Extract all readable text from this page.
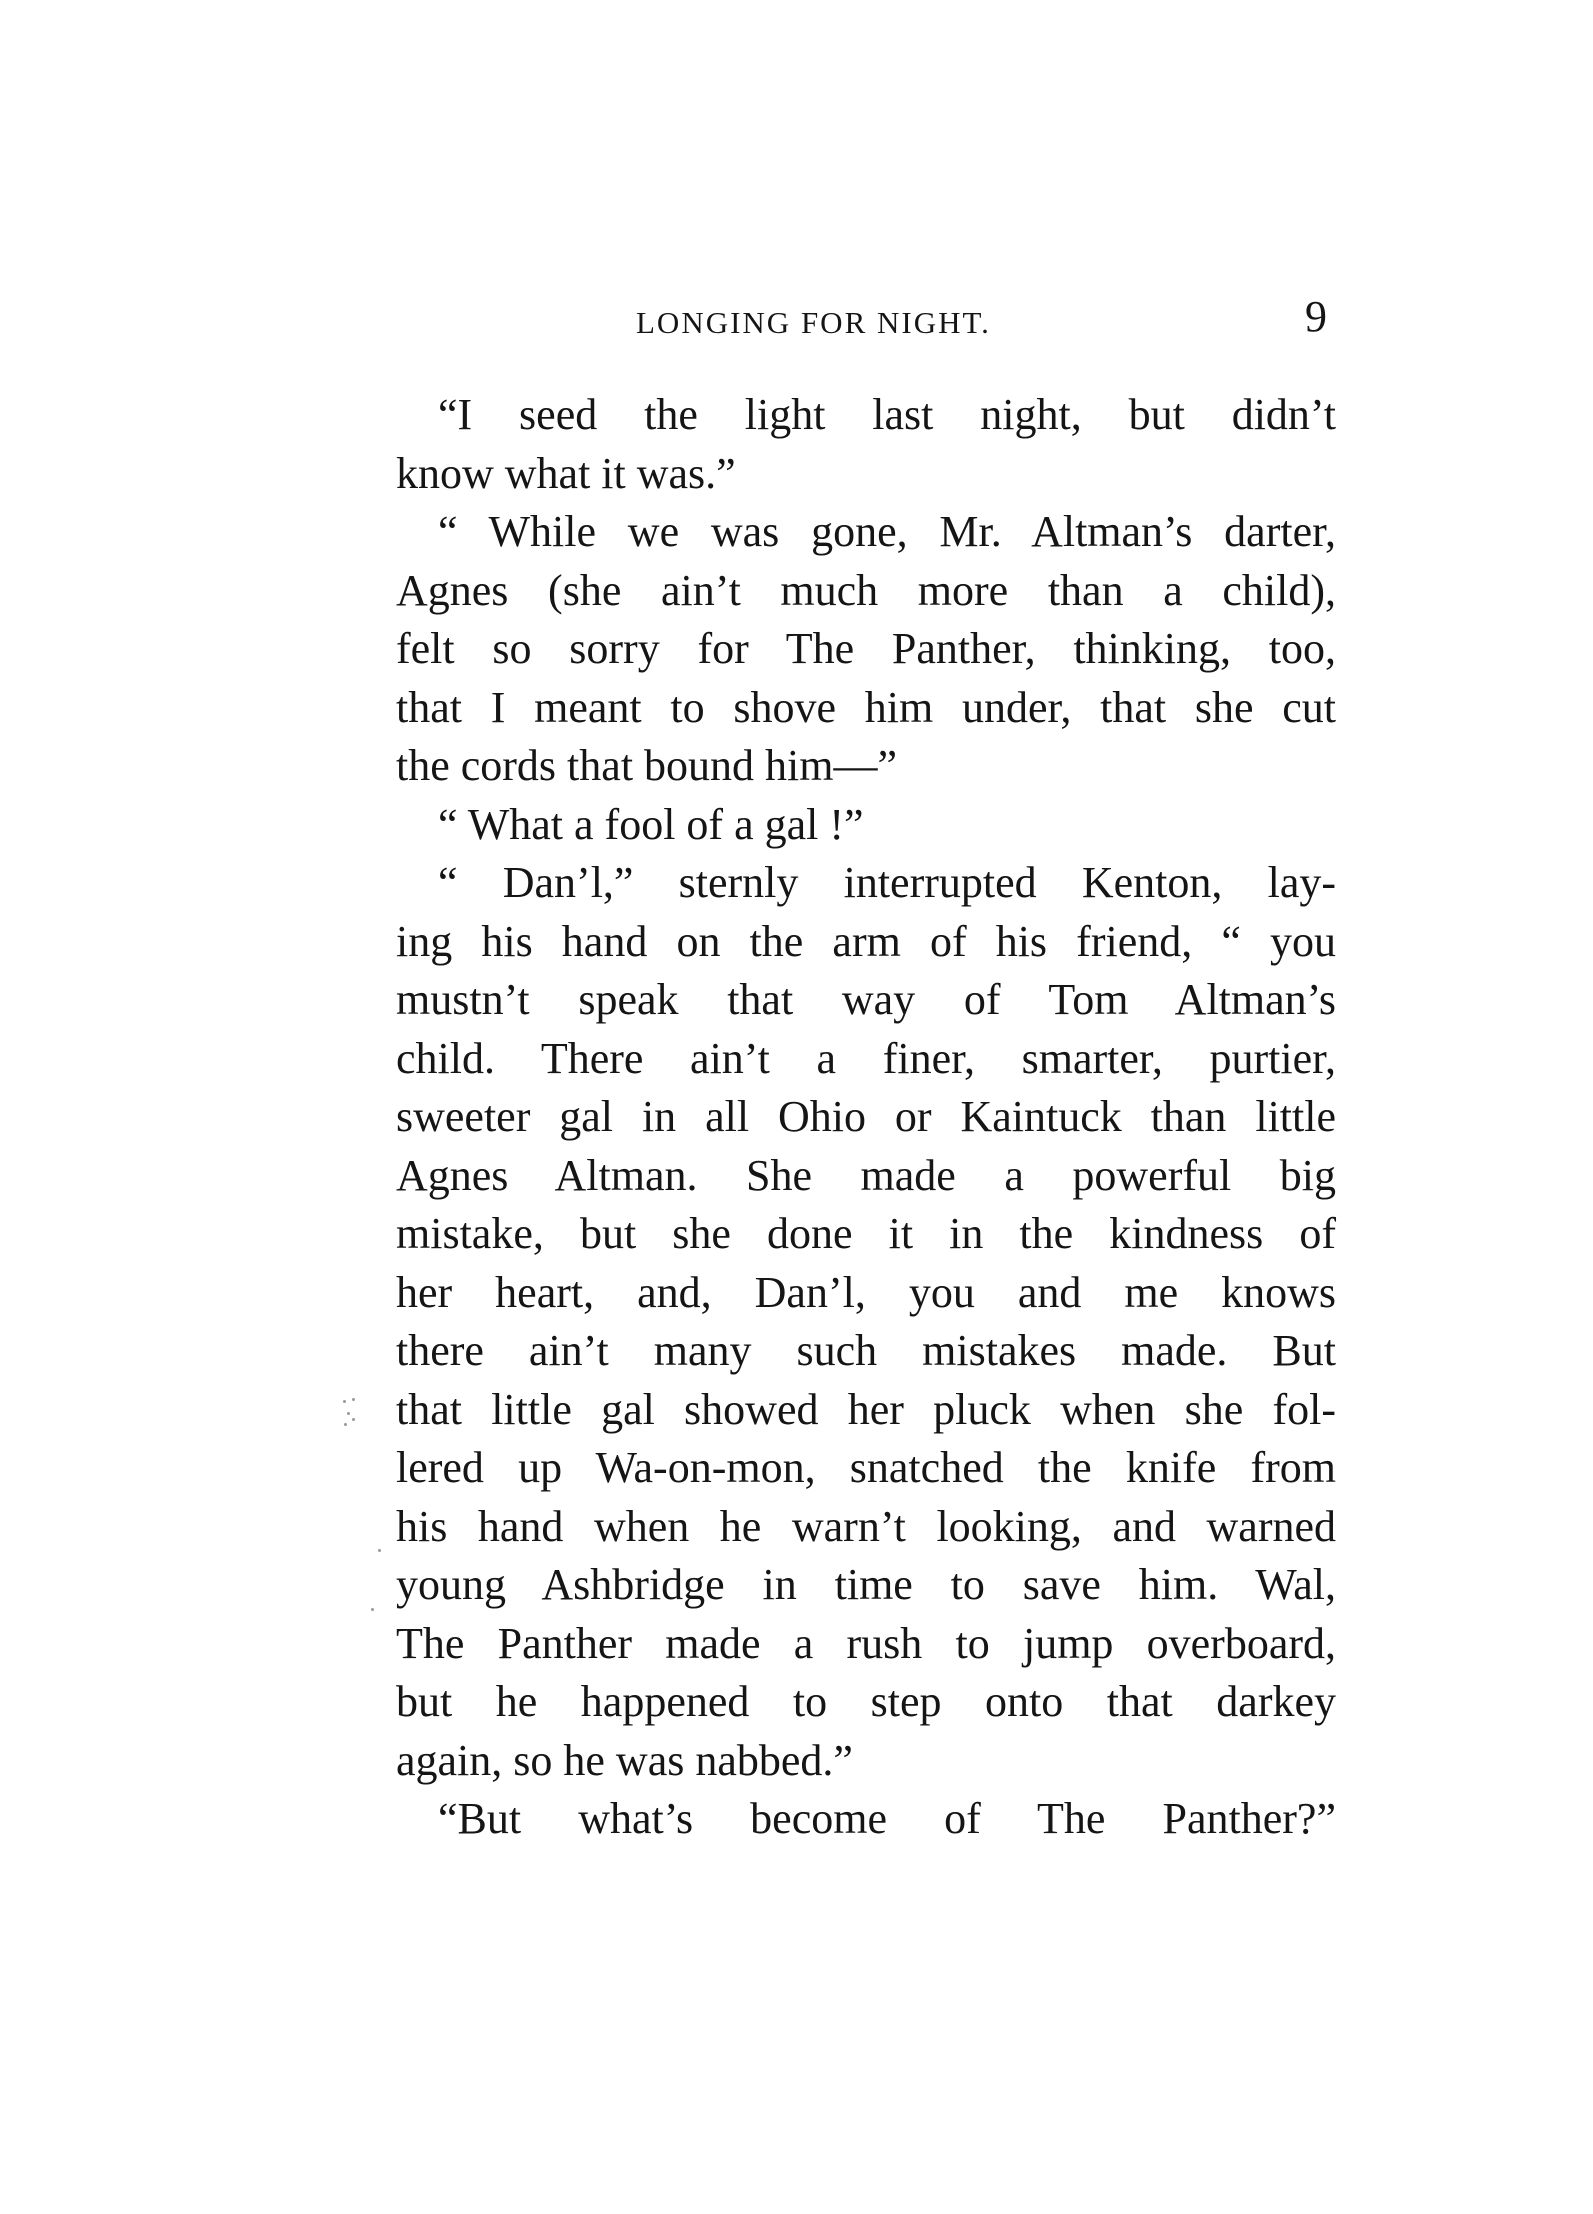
LONGING FOR NIGHT.	9
“I seed the light last night, but didn’t
know what it was.”
“ While we was gone, Mr. Altman’s darter,
Agnes (she ain’t much more than a child),
felt so sorry for The Panther, thinking, too,
that I meant to shove him under, that she cut
the cords that bound him—”
“ What a fool of a gal !”
“ Dan’l,” sternly interrupted Kenton, lay-
ing his hand on the arm of his friend, “ you
mustn’t speak that way of Tom Altman’s
child. There ain’t a finer, smarter, purtier,
sweeter gal in all Ohio or Kaintuck than little
Agnes Altman. She made a powerful big
mistake, but she done it in the kindness of
her heart, and, Dan’l, you and me knows
there ain’t many such mistakes made. But
that little gal showed her pluck when she fol-
lered up Wa-on-mon, snatched the knife from
his hand when he warn’t looking, and warned
young Ashbridge in time to save him. Wal,
The Panther made a rush to jump overboard,
but he happened to step onto that darkey
again, so he was nabbed.”
“But what’s become of The Panther?”
